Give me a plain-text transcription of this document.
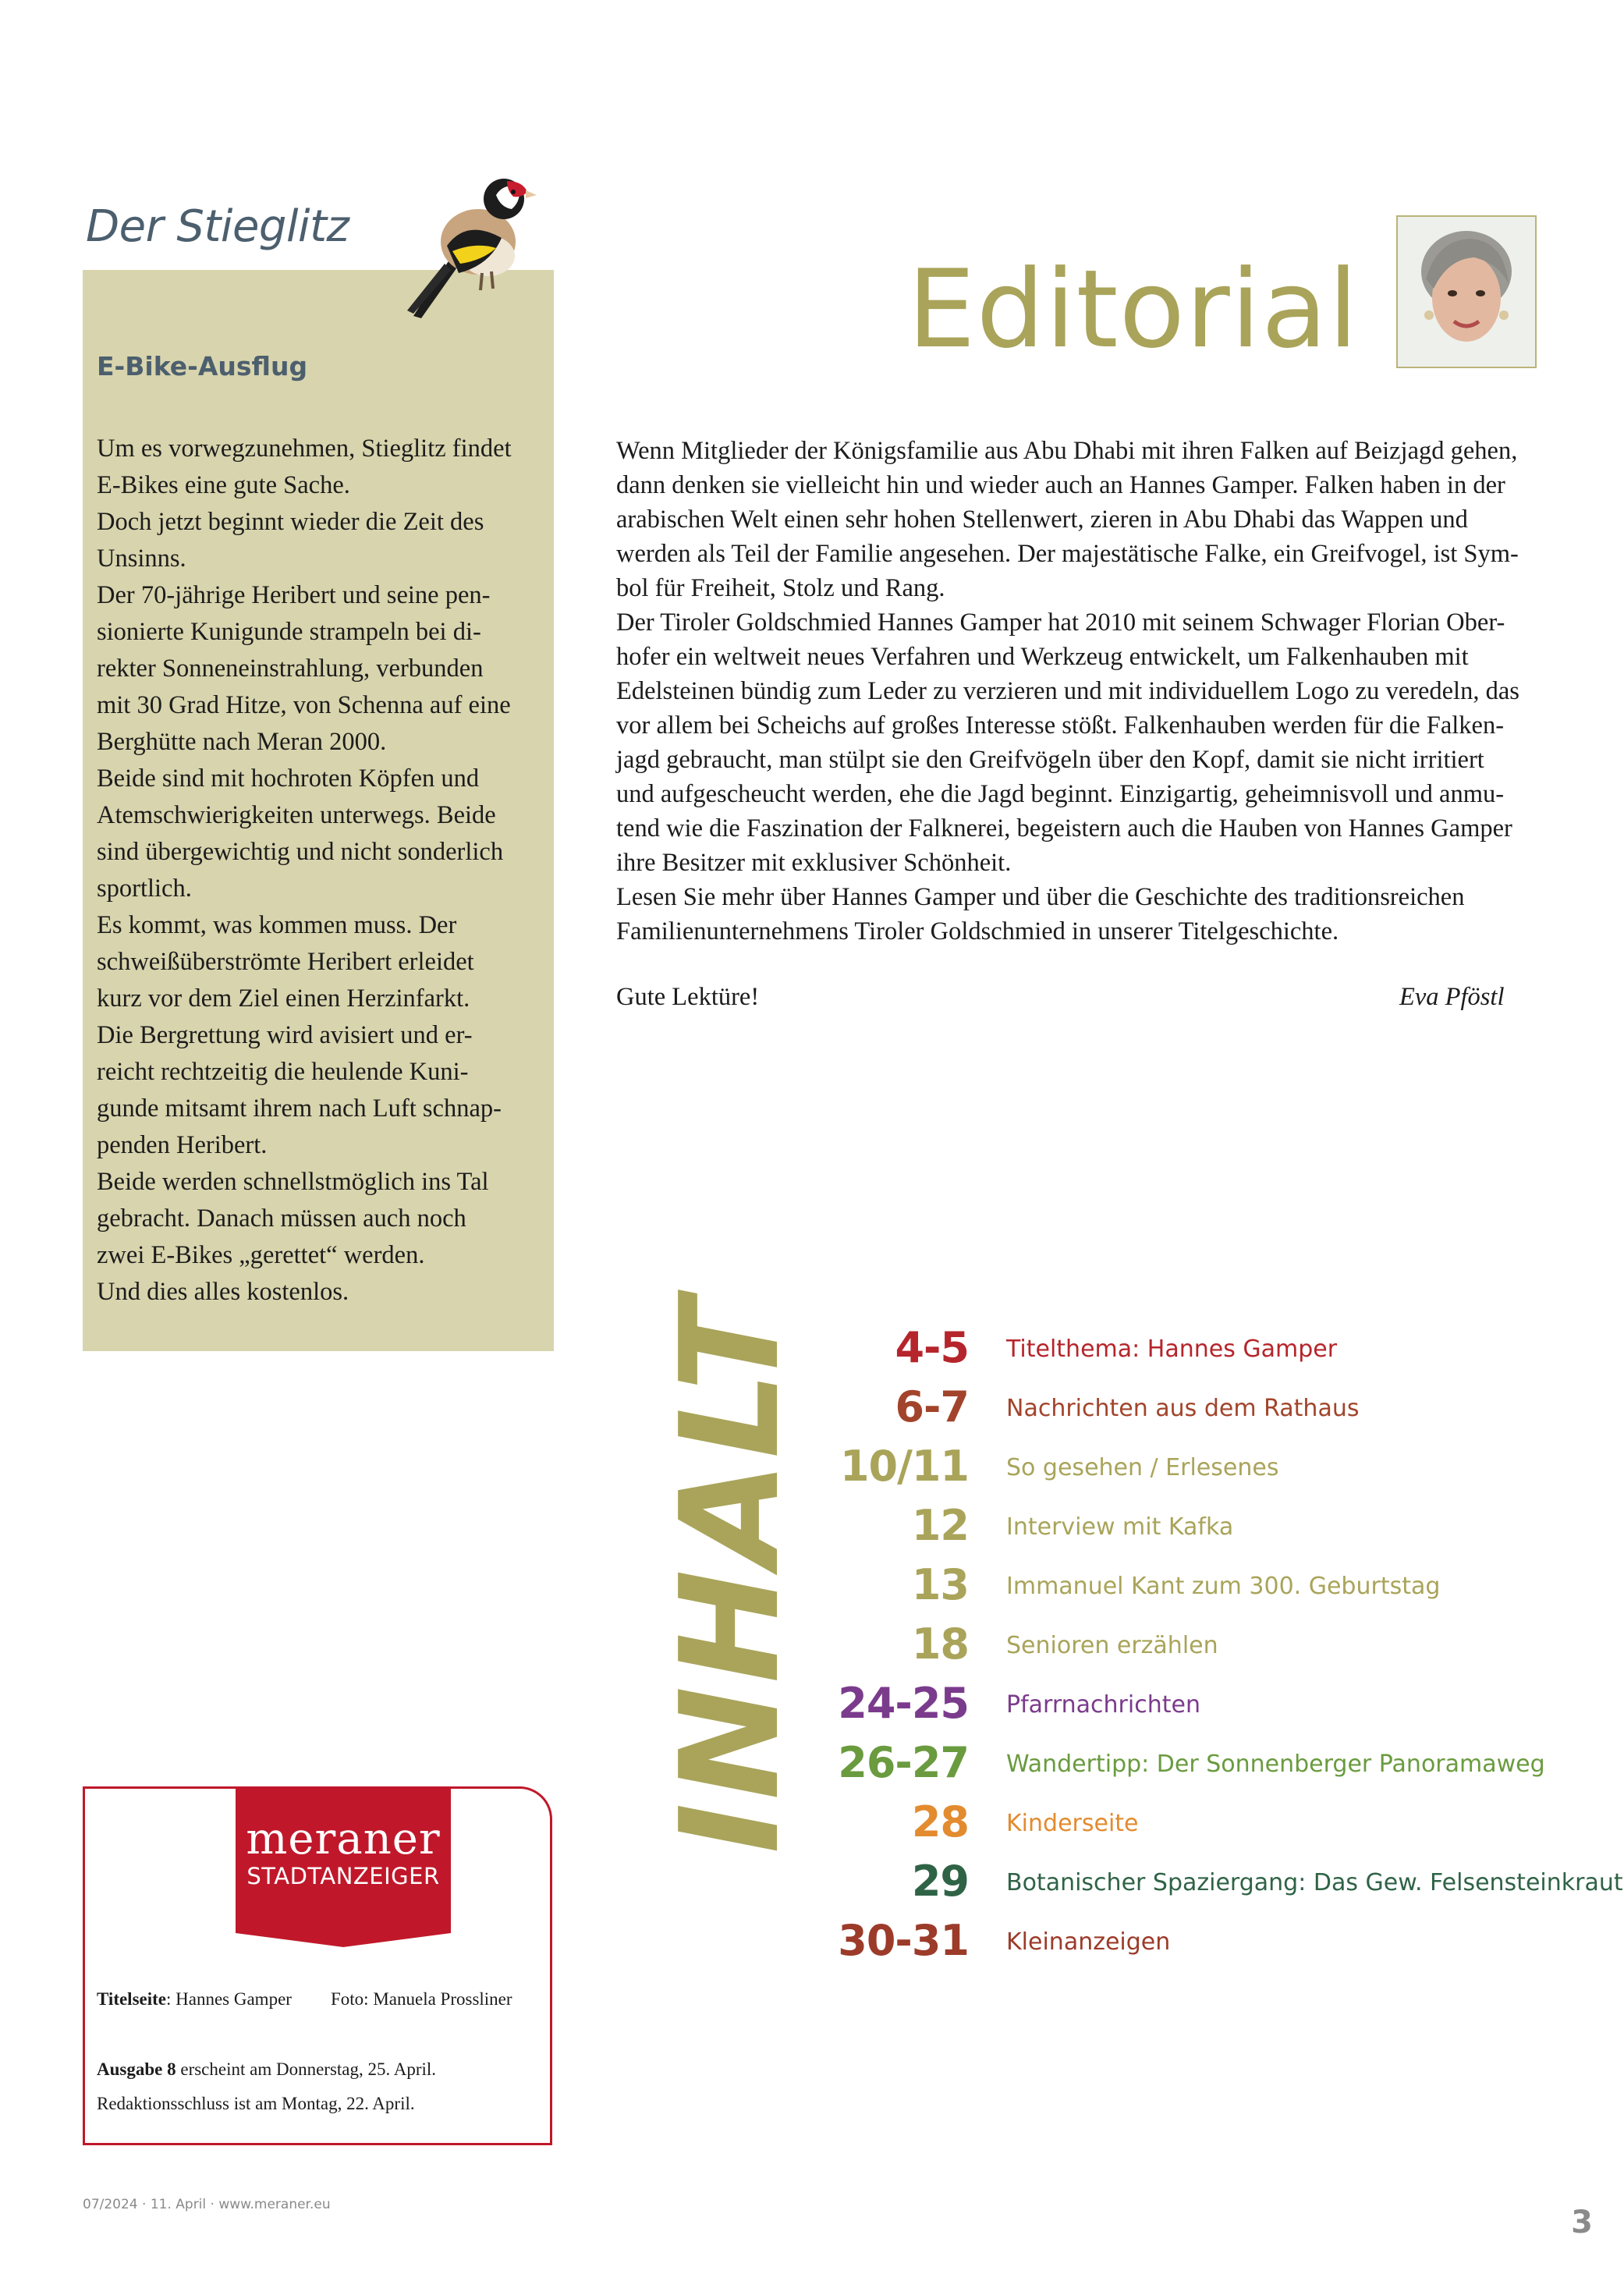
Der Stieglitz
E-Bike-Ausflug
Um es vorwegzunehmen, Stieglitz findet
E-Bikes eine gute Sache.
Doch jetzt beginnt wieder die Zeit des
Unsinns.
Der 70-jährige Heribert und seine pen-
sionierte Kunigunde strampeln bei di-
rekter Sonneneinstrahlung, verbunden
mit 30 Grad Hitze, von Schenna auf eine
Berghütte nach Meran 2000.
Beide sind mit hochroten Köpfen und
Atemschwierigkeiten unterwegs. Beide
sind übergewichtig und nicht sonderlich
sportlich.
Es kommt, was kommen muss. Der
schweißüberströmte Heribert erleidet
kurz vor dem Ziel einen Herzinfarkt.
Die Bergrettung wird avisiert und er-
reicht rechtzeitig die heulende Kuni-
gunde mitsamt ihrem nach Luft schnap-
penden Heribert.
Beide werden schnellstmöglich ins Tal
gebracht. Danach müssen auch noch
zwei E-Bikes „gerettet“ werden.
Und dies alles kostenlos.
Editorial
Wenn Mitglieder der Königsfamilie aus Abu Dhabi mit ihren Falken auf Beizjagd gehen,
dann denken sie vielleicht hin und wieder auch an Hannes Gamper. Falken haben in der
arabischen Welt einen sehr hohen Stellenwert, zieren in Abu Dhabi das Wappen und
werden als Teil der Familie angesehen. Der majestätische Falke, ein Greifvogel, ist Sym-
bol für Freiheit, Stolz und Rang.
Der Tiroler Goldschmied Hannes Gamper hat 2010 mit seinem Schwager Florian Ober-
hofer ein weltweit neues Verfahren und Werkzeug entwickelt, um Falkenhauben mit
Edelsteinen bündig zum Leder zu verzieren und mit individuellem Logo zu veredeln, das
vor allem bei Scheichs auf großes Interesse stößt. Falkenhauben werden für die Falken-
jagd gebraucht, man stülpt sie den Greifvögeln über den Kopf, damit sie nicht irritiert
und aufgescheucht werden, ehe die Jagd beginnt. Einzigartig, geheimnisvoll und anmu-
tend wie die Faszination der Falknerei, begeistern auch die Hauben von Hannes Gamper
ihre Besitzer mit exklusiver Schönheit.
Lesen Sie mehr über Hannes Gamper und über die Geschichte des traditionsreichen
Familienunternehmens Tiroler Goldschmied in unserer Titelgeschichte.
Gute Lektüre!	Eva Pföstl
INHALT 4-5 Titelthema: Hannes Gamper
6-7 Nachrichten aus dem Rathaus
10/11 So gesehen / Erlesenes
12 Interview mit Kafka
13 Immanuel Kant zum 300. Geburtstag
18 Senioren erzählen
24-25 Pfarrnachrichten
26-27 Wandertipp: Der Sonnenberger Panoramaweg
28 Kinderseite
29 Botanischer Spaziergang: Das Gew. Felsensteinkraut
30-31 Kleinanzeigen
meraner
STADTANZEIGER
Titelseite: Hannes Gamper Foto: Manuela Prossliner
Ausgabe 8 erscheint am Donnerstag, 25. April.
Redaktionsschluss ist am Montag, 22. April.
07/2024 · 11. April · www.meraner.eu	3
